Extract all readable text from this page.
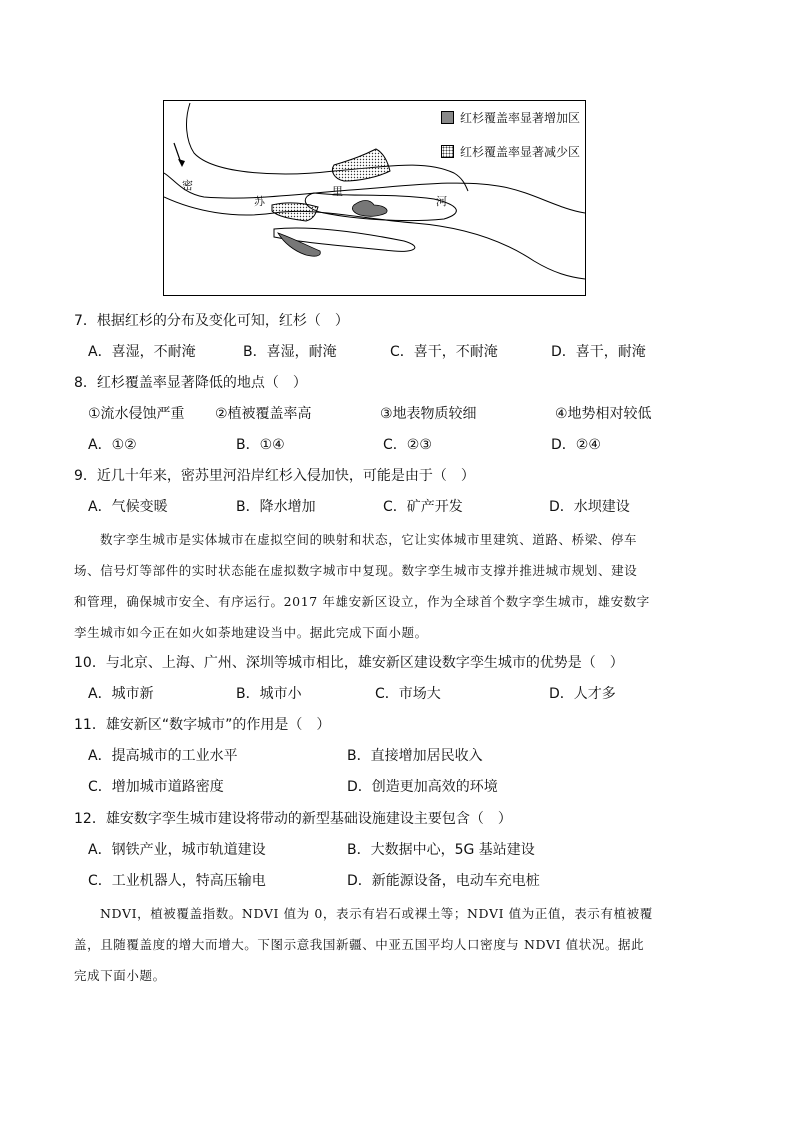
红杉覆盖率显著增加区
红杉覆盖率显著减少区
密
苏
里
河
7．根据红杉的分布及变化可知，红杉（　）
A．喜湿，不耐淹	B．喜湿，耐淹	C．喜干，不耐淹	D．喜干，耐淹
8．红杉覆盖率显著降低的地点（　）
①流水侵蚀严重 ②植被覆盖率高	③地表物质较细	④地势相对较低
A．①②	B．①④	C．②③	D．②④
9．近几十年来，密苏里河沿岸红杉入侵加快，可能是由于（　）
A．气候变暖	B．降水增加	C．矿产开发	D．水坝建设
数字孪生城市是实体城市在虚拟空间的映射和状态，它让实体城市里建筑、道路、桥梁、停车
场、信号灯等部件的实时状态能在虚拟数字城市中复现。数字孪生城市支撑并推进城市规划、建设
和管理，确保城市安全、有序运行。2017 年雄安新区设立，作为全球首个数字孪生城市，雄安数字
孪生城市如今正在如火如荼地建设当中。据此完成下面小题。
10．与北京、上海、广州、深圳等城市相比，雄安新区建设数字孪生城市的优势是（　）
A．城市新	B．城市小	C．市场大	D．人才多
11．雄安新区“数字城市”的作用是（　）
A．提高城市的工业水平	B．直接增加居民收入
C．增加城市道路密度	D．创造更加高效的环境
12．雄安数字孪生城市建设将带动的新型基础设施建设主要包含（　）
A．钢铁产业，城市轨道建设	B．大数据中心，5G 基站建设
C．工业机器人，特高压输电	D．新能源设备，电动车充电桩
NDVI，植被覆盖指数。NDVI 值为 0，表示有岩石或裸土等；NDVI 值为正值，表示有植被覆
盖，且随覆盖度的增大而增大。下图示意我国新疆、中亚五国平均人口密度与 NDVI 值状况。据此
完成下面小题。
